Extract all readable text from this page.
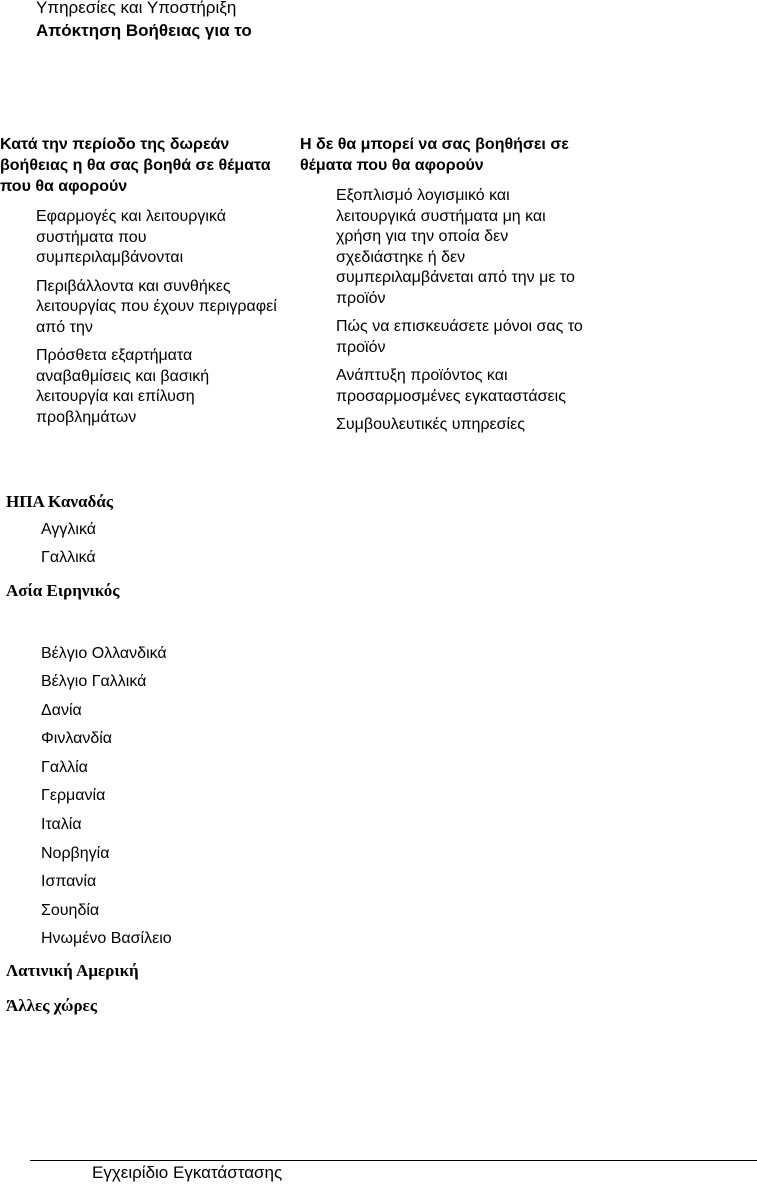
Υπηρεσίες και Υποστήριξη
Απόκτηση Βοήθειας για το

Κατά την περίοδο της δωρεάν βοήθειας η θα σας βοηθά σε θέματα που θα αφορούν

Εφαρμογές και λειτουργικά συστήματα που συμπεριλαμβάνονται
Περιβάλλοντα και συνθήκες λειτουργίας που έχουν περιγραφεί από την
Πρόσθετα εξαρτήματα αναβαθμίσεις και βασική λειτουργία και επίλυση προβλημάτων

Η δε θα μπορεί να σας βοηθήσει σε θέματα που θα αφορούν

Εξοπλισμό λογισμικό και λειτουργικά συστήματα μη και χρήση για την οποία δεν σχεδιάστηκε ή δεν συμπεριλαμβάνεται από την με το προϊόν
Πώς να επισκευάσετε μόνοι σας το προϊόν
Ανάπτυξη προϊόντος και προσαρμοσμένες εγκαταστάσεις
Συμβουλευτικές υπηρεσίες
ΗΠΑ Καναδάς
Αγγλικά
Γαλλικά
Ασία Ειρηνικός
Βέλγιο Ολλανδικά
Βέλγιο Γαλλικά
Δανία
Φινλανδία
Γαλλία
Γερμανία
Ιταλία
Νορβηγία
Ισπανία
Σουηδία
Ηνωμένο Βασίλειο
Λατινική Αμερική
Άλλες χώρες
Εγχειρίδιο Εγκατάστασης
